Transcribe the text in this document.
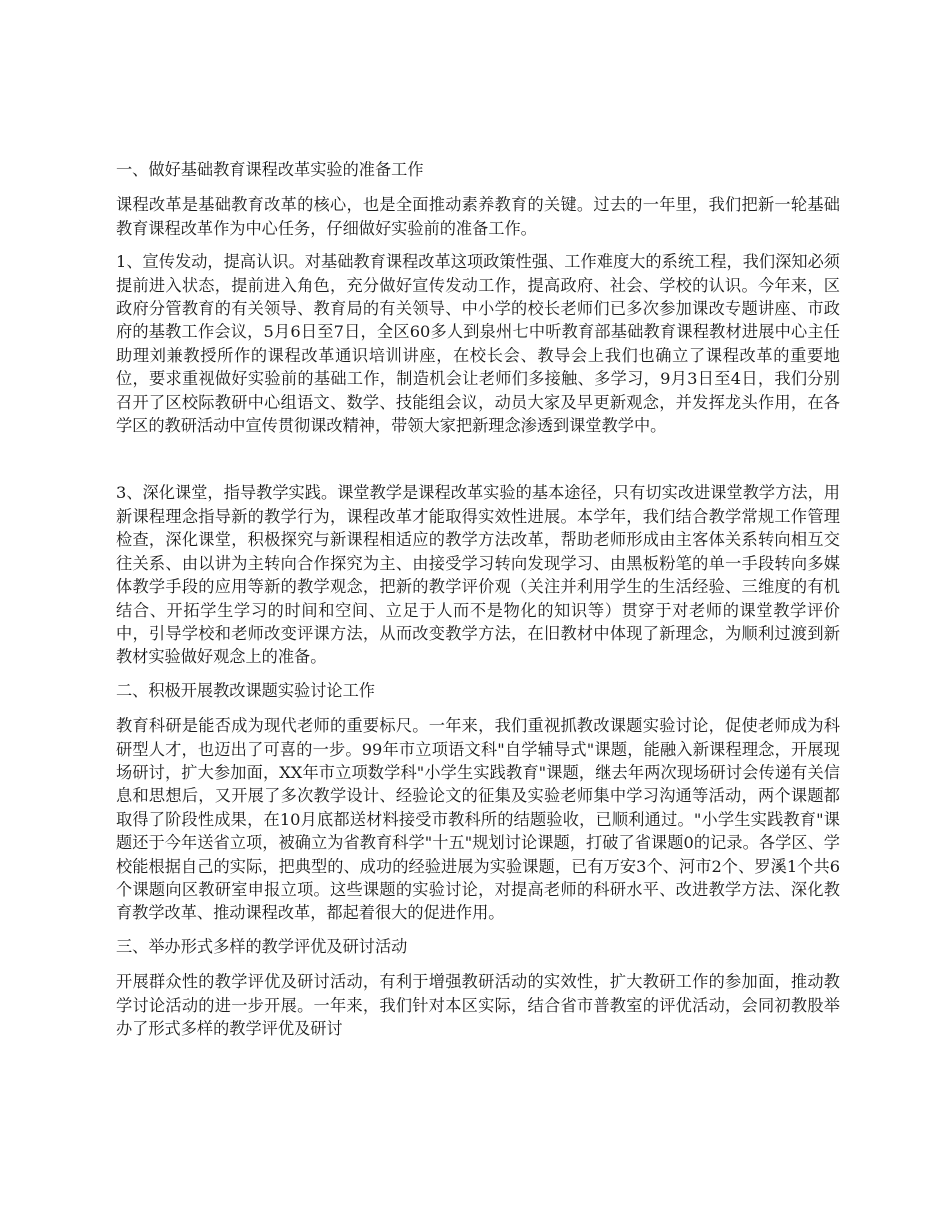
一、做好基础教育课程改革实验的准备工作

课程改革是基础教育改革的核心，也是全面推动素养教育的关键。过去的一年里，我们把新一轮基础教育课程改革作为中心任务，仔细做好实验前的准备工作。

1、宣传发动，提高认识。对基础教育课程改革这项政策性强、工作难度大的系统工程，我们深知必须提前进入状态，提前进入角色，充分做好宣传发动工作，提高政府、社会、学校的认识。今年来，区政府分管教育的有关领导、教育局的有关领导、中小学的校长老师们已多次参加课改专题讲座、市政府的基教工作会议，5月6日至7日，全区60多人到泉州七中听教育部基础教育课程教材进展中心主任助理刘兼教授所作的课程改革通识培训讲座，在校长会、教导会上我们也确立了课程改革的重要地位，要求重视做好实验前的基础工作，制造机会让老师们多接触、多学习，9月3日至4日，我们分别召开了区校际教研中心组语文、数学、技能组会议，动员大家及早更新观念，并发挥龙头作用，在各学区的教研活动中宣传贯彻课改精神，带领大家把新理念渗透到课堂教学中。

3、深化课堂，指导教学实践。课堂教学是课程改革实验的基本途径，只有切实改进课堂教学方法，用新课程理念指导新的教学行为，课程改革才能取得实效性进展。本学年，我们结合教学常规工作管理检查，深化课堂，积极探究与新课程相适应的教学方法改革，帮助老师形成由主客体关系转向相互交往关系、由以讲为主转向合作探究为主、由接受学习转向发现学习、由黑板粉笔的单一手段转向多媒体教学手段的应用等新的教学观念，把新的教学评价观（关注并利用学生的生活经验、三维度的有机结合、开拓学生学习的时间和空间、立足于人而不是物化的知识等）贯穿于对老师的课堂教学评价中，引导学校和老师改变评课方法，从而改变教学方法，在旧教材中体现了新理念，为顺利过渡到新教材实验做好观念上的准备。

二、积极开展教改课题实验讨论工作

教育科研是能否成为现代老师的重要标尺。一年来，我们重视抓教改课题实验讨论，促使老师成为科研型人才，也迈出了可喜的一步。99年市立项语文科"自学辅导式"课题，能融入新课程理念，开展现场研讨，扩大参加面，XX年市立项数学科"小学生实践教育"课题，继去年两次现场研讨会传递有关信息和思想后，又开展了多次教学设计、经验论文的征集及实验老师集中学习沟通等活动，两个课题都取得了阶段性成果，在10月底都送材料接受市教科所的结题验收，已顺利通过。"小学生实践教育"课题还于今年送省立项，被确立为省教育科学"十五"规划讨论课题，打破了省课题0的记录。各学区、学校能根据自己的实际，把典型的、成功的经验进展为实验课题，已有万安3个、河市2个、罗溪1个共6个课题向区教研室申报立项。这些课题的实验讨论，对提高老师的科研水平、改进教学方法、深化教育教学改革、推动课程改革，都起着很大的促进作用。

三、举办形式多样的教学评优及研讨活动

开展群众性的教学评优及研讨活动，有利于增强教研活动的实效性，扩大教研工作的参加面，推动教学讨论活动的进一步开展。一年来，我们针对本区实际，结合省市普教室的评优活动，会同初教股举办了形式多样的教学评优及研讨
